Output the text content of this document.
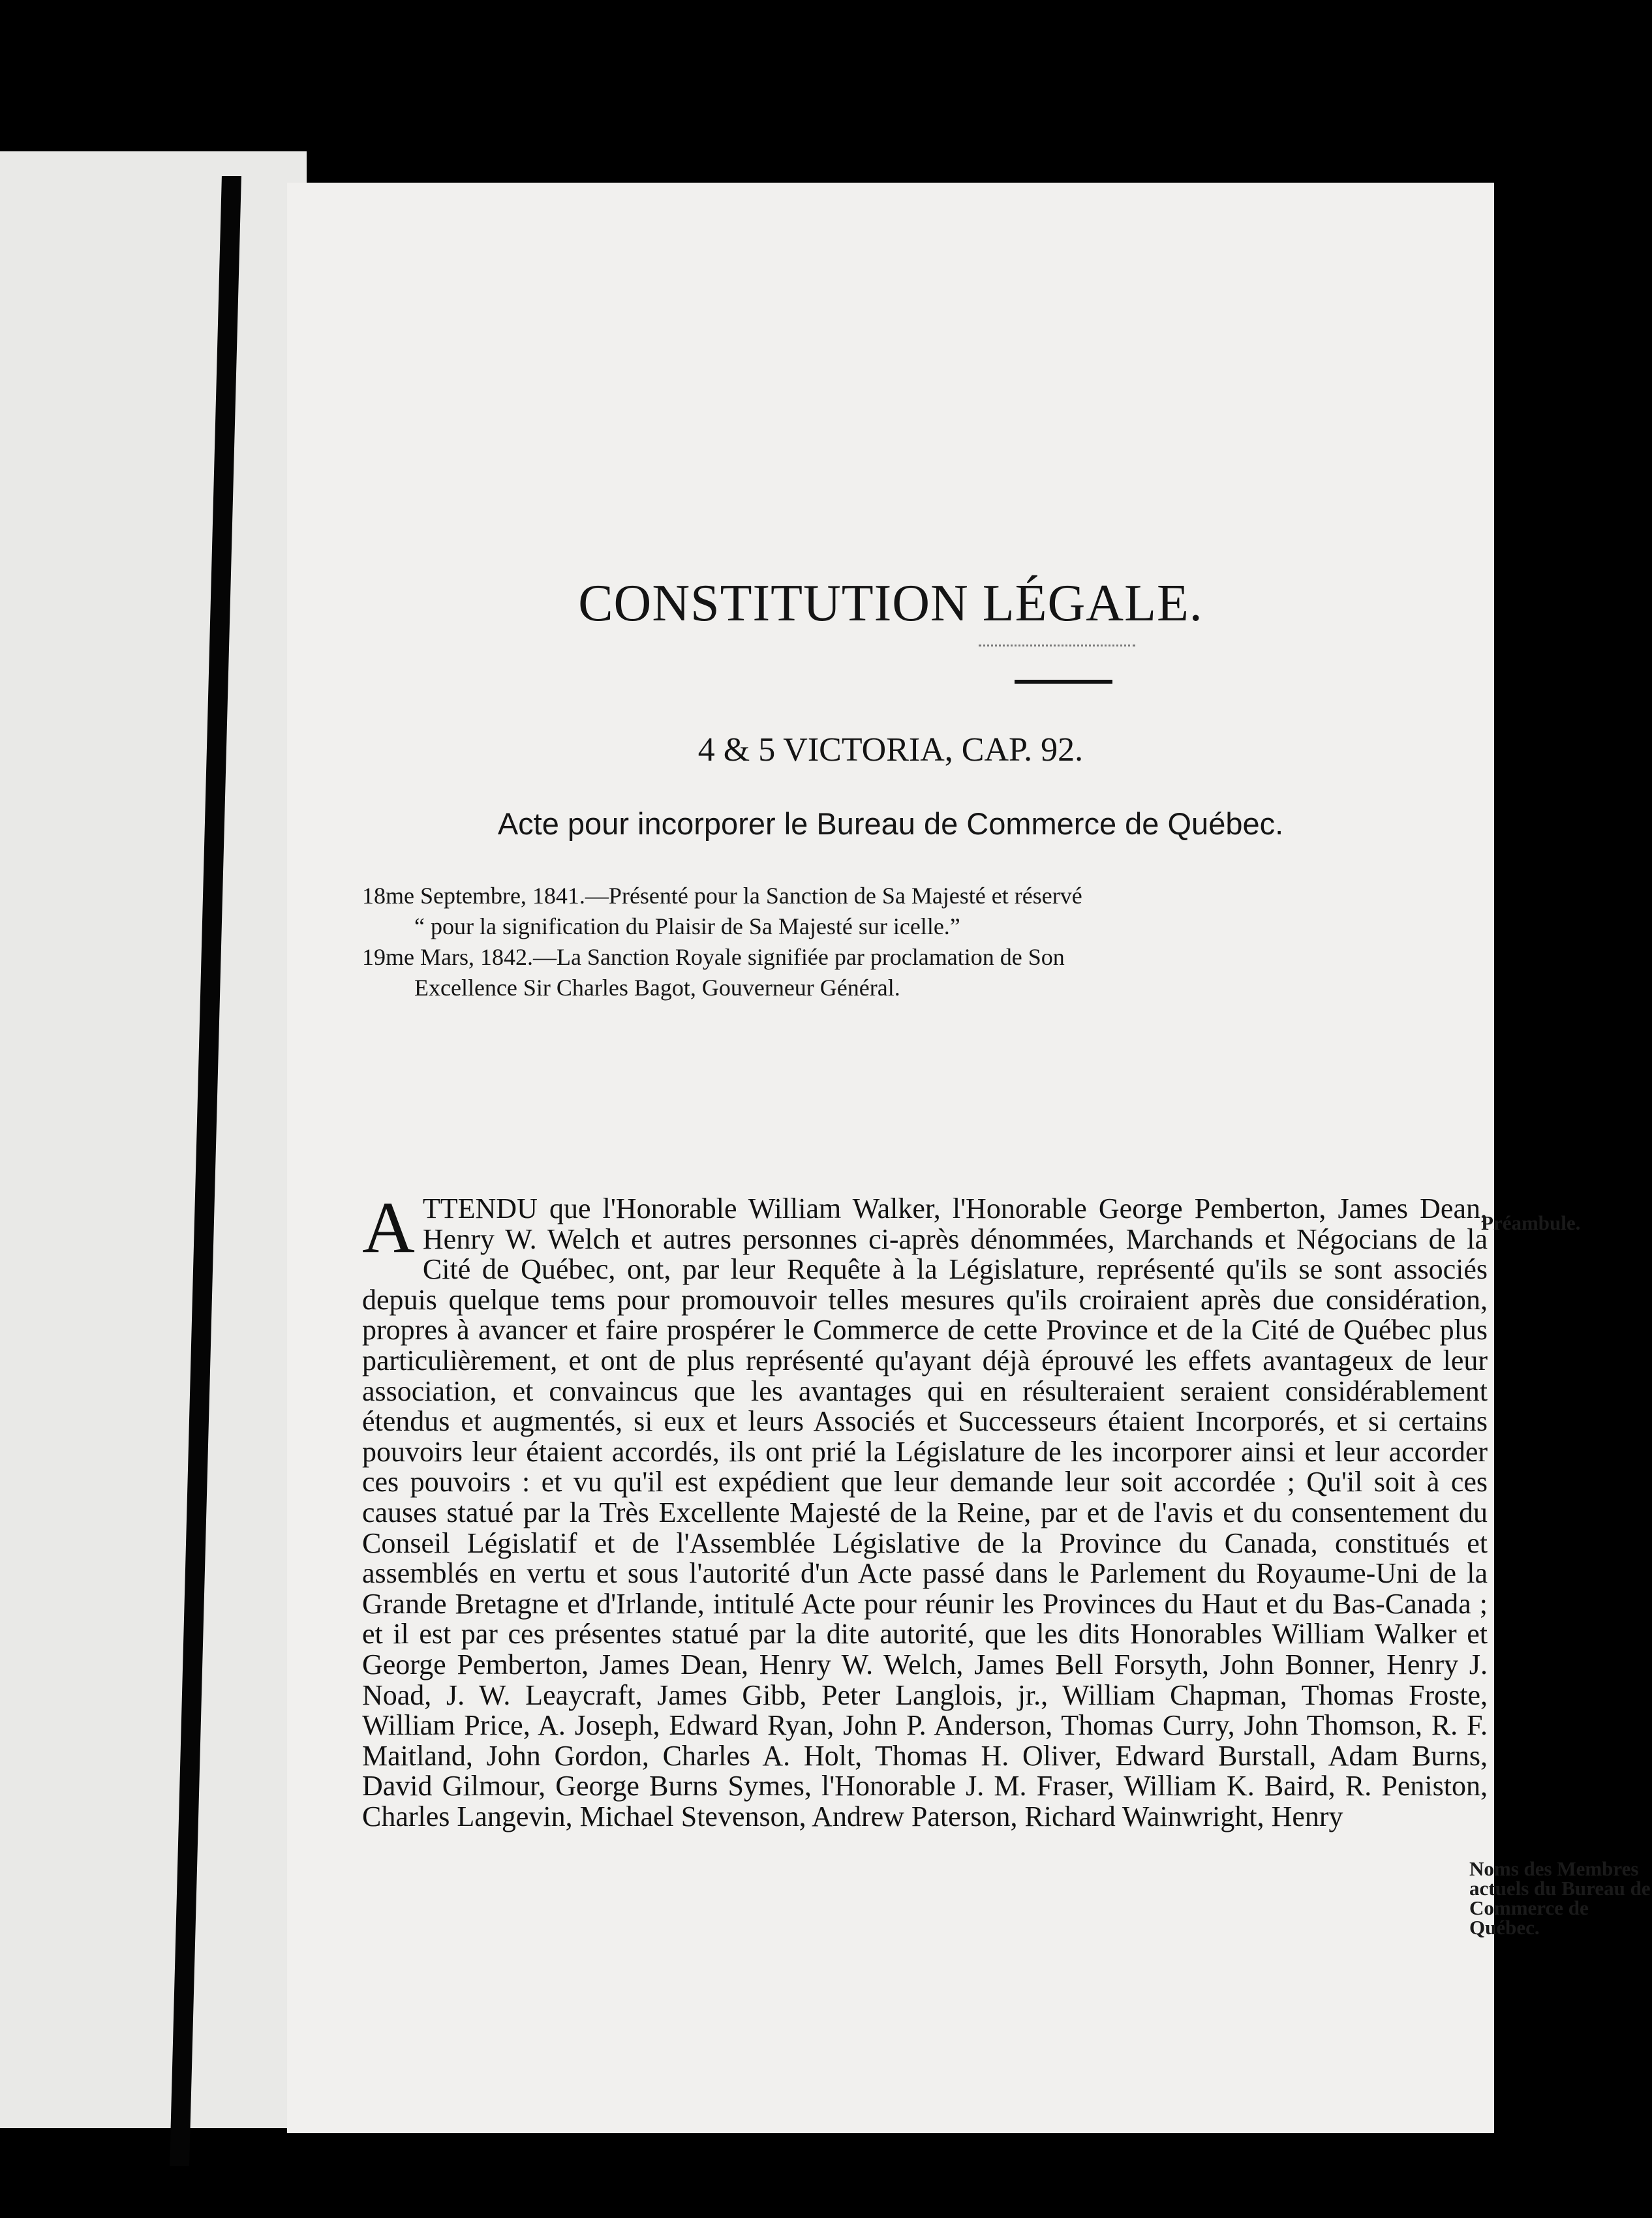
CONSTITUTION LÉGALE.
4 & 5 VICTORIA, CAP. 92.
Acte pour incorporer le Bureau de Commerce de Québec.

18me Septembre, 1841.—Présenté pour la Sanction de Sa Majesté et réservé

“ pour la signification du Plaisir de Sa Majesté sur icelle.”

19me Mars, 1842.—La Sanction Royale signifiée par proclamation de Son

Excellence Sir Charles Bagot, Gouverneur Général.

A TTENDU que l'Honorable William Walker, l'Honorable George Pemberton, James Dean, Henry W. Welch et autres personnes ci-après dénommées, Marchands et Négocians de la Cité de Québec, ont, par leur Requête à la Législature, représenté qu'ils se sont associés depuis quelque tems pour promouvoir telles mesures qu'ils croiraient après due considération, propres à avancer et faire prospérer le Commerce de cette Province et de la Cité de Québec plus particulièrement, et ont de plus représenté qu'ayant déjà éprouvé les effets avantageux de leur association, et convaincus que les avantages qui en résulteraient seraient considérablement étendus et augmentés, si eux et leurs Associés et Successeurs étaient Incorporés, et si certains pouvoirs leur étaient accordés, ils ont prié la Législature de les incorporer ainsi et leur accorder ces pouvoirs : et vu qu'il est expédient que leur demande leur soit accordée ; Qu'il soit à ces causes statué par la Très Excellente Majesté de la Reine, par et de l'avis et du consentement du Conseil Législatif et de l'Assemblée Législative de la Province du Canada, constitués et assemblés en vertu et sous l'autorité d'un Acte passé dans le Parlement du Royaume-Uni de la Grande Bretagne et d'Irlande, intitulé Acte pour réunir les Provinces du Haut et du Bas-Canada ; et il est par ces présentes statué par la dite autorité, que les dits Honorables William Walker et George Pemberton, James Dean, Henry W. Welch, James Bell Forsyth, John Bonner, Henry J. Noad, J. W. Leaycraft, James Gibb, Peter Langlois, jr., William Chapman, Thomas Froste, William Price, A. Joseph, Edward Ryan, John P. Anderson, Thomas Curry, John Thomson, R. F. Maitland, John Gordon, Charles A. Holt, Thomas H. Oliver, Edward Burstall, Adam Burns, David Gilmour, George Burns Symes, l'Honorable J. M. Fraser, William K. Baird, R. Peniston, Charles Langevin, Michael Stevenson, Andrew Paterson, Richard Wainwright, Henry
Préambule.
Noms des Membres actuels du Bureau de Commerce de Québec.
